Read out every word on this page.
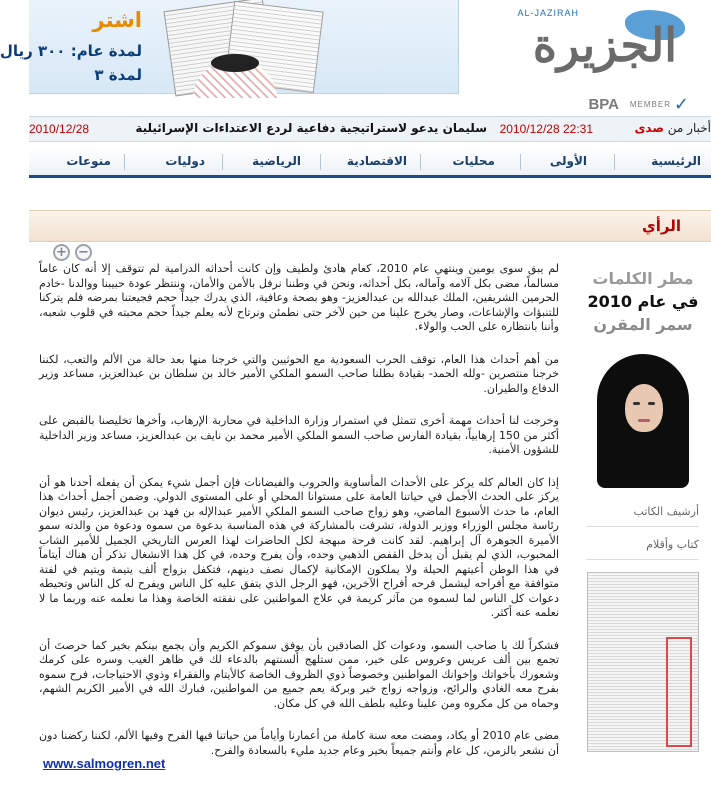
اشتر
لمدة عام: ٣٠٠ ريال
لمدة ٣
AL-JAZIRAH
الجزيرة
BPA MEMBER ✓
أخبار من صدى
2010/12/28 22:31
سليمان يدعو لاستراتيجية دفاعية لردع الاعتداءات الإسرائيلية
2010/12/28
الرئيسية
الأولى
محليات
الاقتصادية
الرياضية
دوليات
منوعات
الرأي
مطر الكلمات
في عام 2010
سمر المقرن
أرشيف الكاتب
كتاب وأقلام
+ −

لم يبق سوى يومين وينتهي عام 2010، كعام هادئ ولطيف وإن كانت أحداثه الدرامية لم تتوقف إلا أنه كان عاماً مسالماً، مضى بكل آلامه وآماله، بكل أحداثه، ونحن في وطننا نرفل بالأمن والأمان، وننتظر عودة حبيبنا ووالدنا -خادم الحرمين الشريفين، الملك عبدالله بن عبدالعزيز- وهو بصحة وعافية، الذي يدرك جيداً حجم فجيعتنا بمرضه فلم يتركنا للتنبؤات والإشاعات، وصار يخرج علينا من حين لآخر حتى نطمئن ونرتاح لأنه يعلم جيداً حجم محبته في قلوب شعبه، وأننا بانتظاره على الحب والولاء.

من أهم أحداث هذا العام، توقف الحرب السعودية مع الحوثيين والتي خرجنا منها بعد حالة من الألم والتعب، لكننا خرجنا منتصرين -ولله الحمد- بقيادة بطلنا صاحب السمو الملكي الأمير خالد بن سلطان بن عبدالعزيز، مساعد وزير الدفاع والطيران.

وخرجت لنا أحداث مهمة أخرى تتمثل في استمرار وزارة الداخلية في محاربة الإرهاب، وأخرها تخليصنا بالقبض على أكثر من 150 إرهابياً، بقيادة الفارس صاحب السمو الملكي الأمير محمد بن نايف بن عبدالعزيز، مساعد وزير الداخلية للشؤون الأمنية.

إذا كان العالم كله يركز على الأحداث المأساوية والحروب والفيضانات فإن أجمل شيء يمكن أن يفعله أحدنا هو أن يركز على الحدث الأجمل في حياتنا العامة على مستوانا المحلي أو على المستوى الدولي. وضمن أجمل أحداث هذا العام، ما حدث الأسبوع الماضي، وهو زواج صاحب السمو الملكي الأمير عبدالإله بن فهد بن عبدالعزيز، رئيس ديوان رئاسة مجلس الوزراء ووزير الدولة، تشرفت بالمشاركة في هذه المناسبة بدعوة من سموه ودعوة من والدته سمو الأميرة الجوهرة آل إبراهيم. لقد كانت فرحة مبهجة لكل الحاضرات لهذا العرس التاريخي الجميل للأمير الشاب المحبوب، الذي لم يقبل أن يدخل القفص الذهبي وحده، وأن يفرح وحده، في كل هذا الانشغال تذكر أن هناك أيتاماً في هذا الوطن أعيتهم الحيلة ولا يملكون الإمكانية لإكمال نصف دينهم، فتكفل بزواج ألف يتيمة ويتيم في لفتة متوافقة مع أفراحه ليشمل فرحه أفراح الآخرين، فهو الرجل الذي يتفق عليه كل الناس ويفرح له كل الناس وتحيطه دعوات كل الناس لما لسموه من مآثر كريمة في علاج المواطنين على نفقته الخاصة وهذا ما نعلمه عنه وربما ما لا نعلمه عنه أكثر.

فشكراً لك يا صاحب السمو، ودعوات كل الصادقين بأن يوفق سموكم الكريم وأن يجمع بينكم بخير كما حرصتَ أن تجمع بين ألف عريس وعروس على خير، ممن ستلهج ألسنتهم بالدعاء لك في ظاهر الغيب وسره على كرمك وشعورك بأخواتك وإخوانك المواطنين وخصوصاً ذوي الظروف الخاصة كالأيتام والفقراء وذوي الاحتياجات، فرح سموه بفرح معه الغادي والرائح، وزواجه زواج خير وبركة يعم جميع من المواطنين، فبارك الله في الأمير الكريم الشهم، وحماه من كل مكروه ومن علينا وعليه بلطف الله في كل مكان.

مضى عام 2010 أو يكاد، ومضت معه سنة كاملة من أعمارنا وأياماً من حياتنا فيها الفرح وفيها الألم، لكننا ركضنا دون أن نشعر بالزمن، كل عام وأنتم جميعاً بخير وعام جديد مليء بالسعادة والفرح.

www.salmogren.net
